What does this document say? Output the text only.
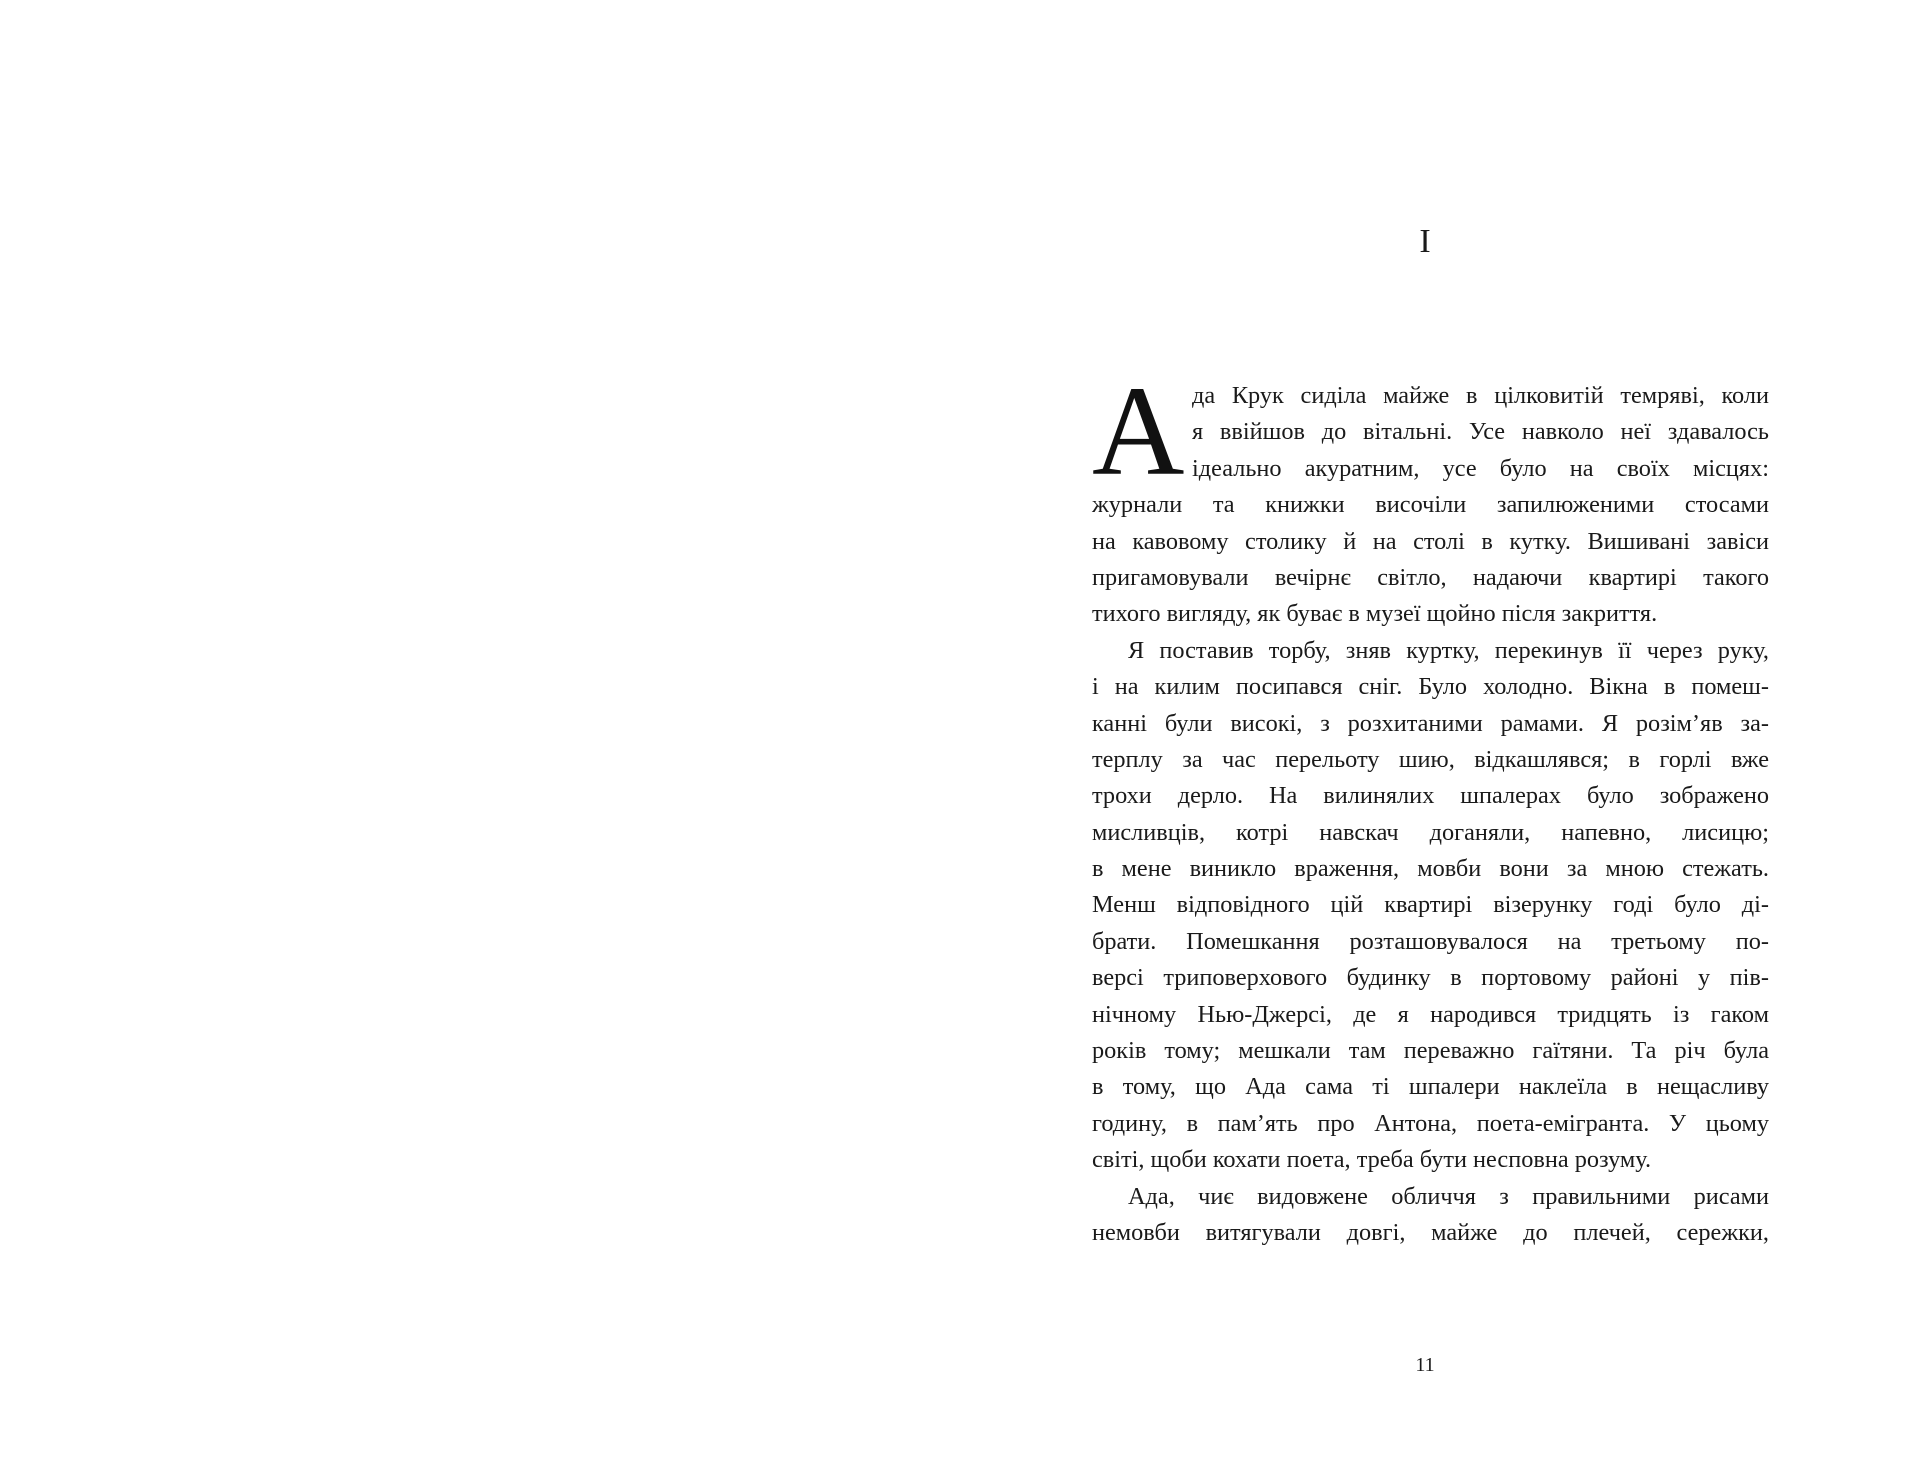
I
А да Крук сиділа майже в цілковитій темряві, коли
я ввійшов до вітальні. Усе навколо неї здавалось
ідеально акуратним, усе було на своїх місцях:
журнали та книжки височіли запилюженими стосами
на кавовому столику й на столі в кутку. Вишивані завіси
пригамовували вечірнє світло, надаючи квартирі такого
тихого вигляду, як буває в музеї щойно після закриття.
Я поставив торбу, зняв куртку, перекинув її через руку,
і на килим посипався сніг. Було холодно. Вікна в помеш-
канні були високі, з розхитаними рамами. Я розім’яв за-
терплу за час перельоту шию, відкашлявся; в горлі вже
трохи дерло. На вилинялих шпалерах було зображено
мисливців, котрі навскач доганяли, напевно, лисицю;
в мене виникло враження, мовби вони за мною стежать.
Менш відповідного цій квартирі візерунку годі було ді-
брати. Помешкання розташовувалося на третьому по-
версі триповерхового будинку в портовому районі у пів-
нічному Нью-Джерсі, де я народився тридцять із гаком
років тому; мешкали там переважно гаїтяни. Та річ була
в тому, що Ада сама ті шпалери наклеїла в нещасливу
годину, в пам’ять про Антона, поета-емігранта. У цьому
світі, щоби кохати поета, треба бути несповна розуму.
Ада, чиє видовжене обличчя з правильними рисами
немовби витягували довгі, майже до плечей, сережки,
11
